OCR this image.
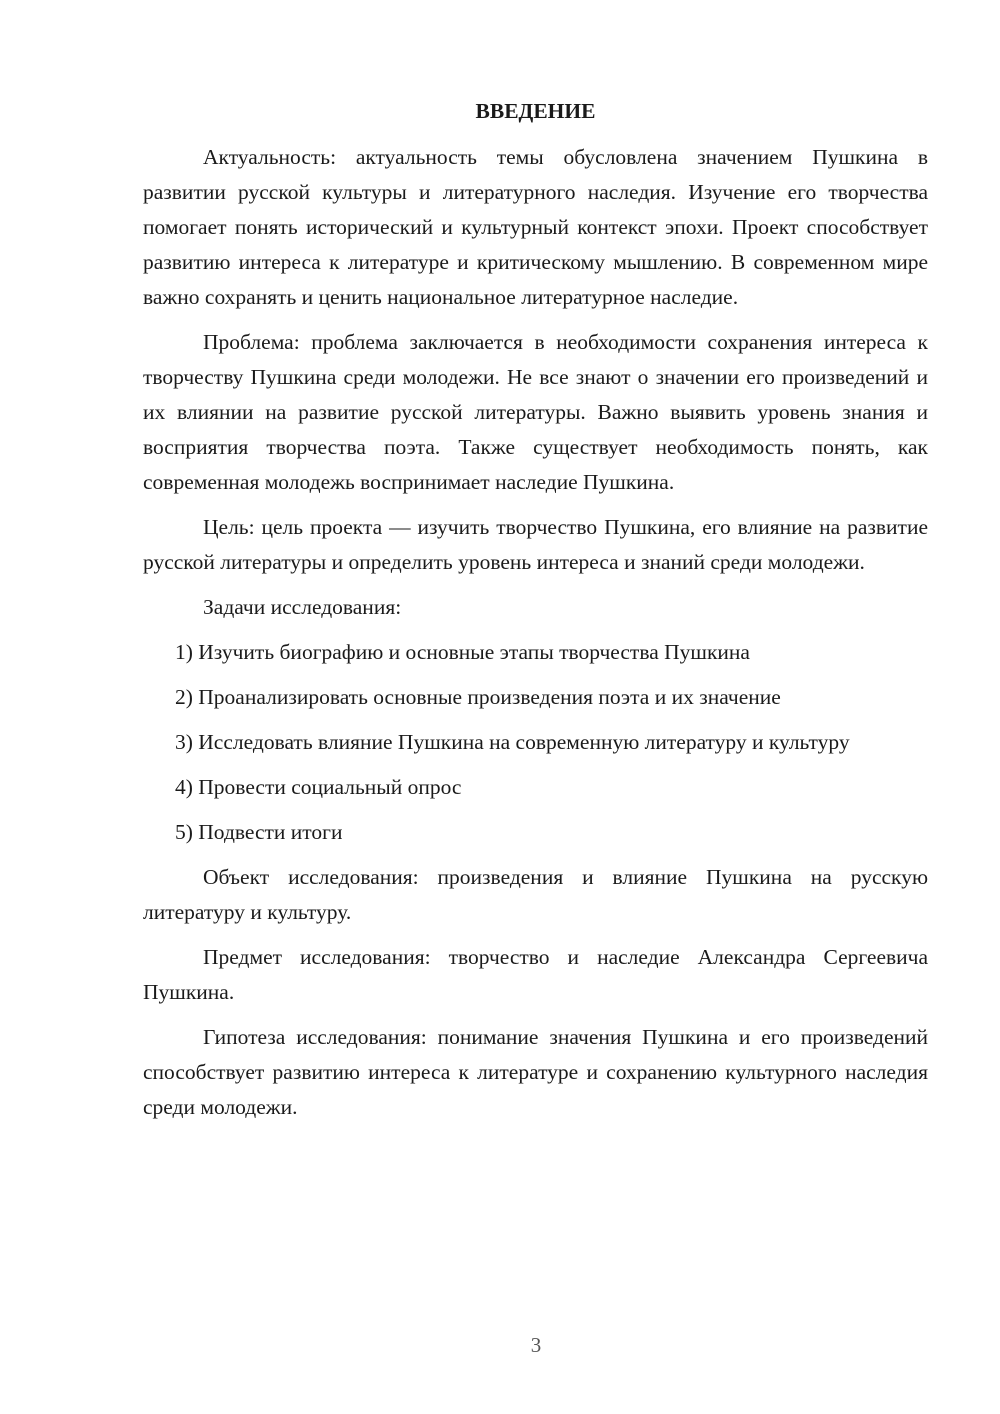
ВВЕДЕНИЕ

Актуальность: актуальность темы обусловлена значением Пушкина в развитии русской культуры и литературного наследия. Изучение его творчества помогает понять исторический и культурный контекст эпохи. Проект способствует развитию интереса к литературе и критическому мышлению. В современном мире важно сохранять и ценить национальное литературное наследие.

Проблема: проблема заключается в необходимости сохранения интереса к творчеству Пушкина среди молодежи. Не все знают о значении его произведений и их влиянии на развитие русской литературы. Важно выявить уровень знания и восприятия творчества поэта. Также существует необходимость понять, как современная молодежь воспринимает наследие Пушкина.

Цель: цель проекта — изучить творчество Пушкина, его влияние на развитие русской литературы и определить уровень интереса и знаний среди молодежи.

Задачи исследования:

1) Изучить биографию и основные этапы творчества Пушкина

2) Проанализировать основные произведения поэта и их значение

3) Исследовать влияние Пушкина на современную литературу и культуру

4) Провести социальный опрос

5) Подвести итоги

Объект исследования: произведения и влияние Пушкина на русскую литературу и культуру.

Предмет исследования: творчество и наследие Александра Сергеевича Пушкина.

Гипотеза исследования: понимание значения Пушкина и его произведений способствует развитию интереса к литературе и сохранению культурного наследия среди молодежи.

3
